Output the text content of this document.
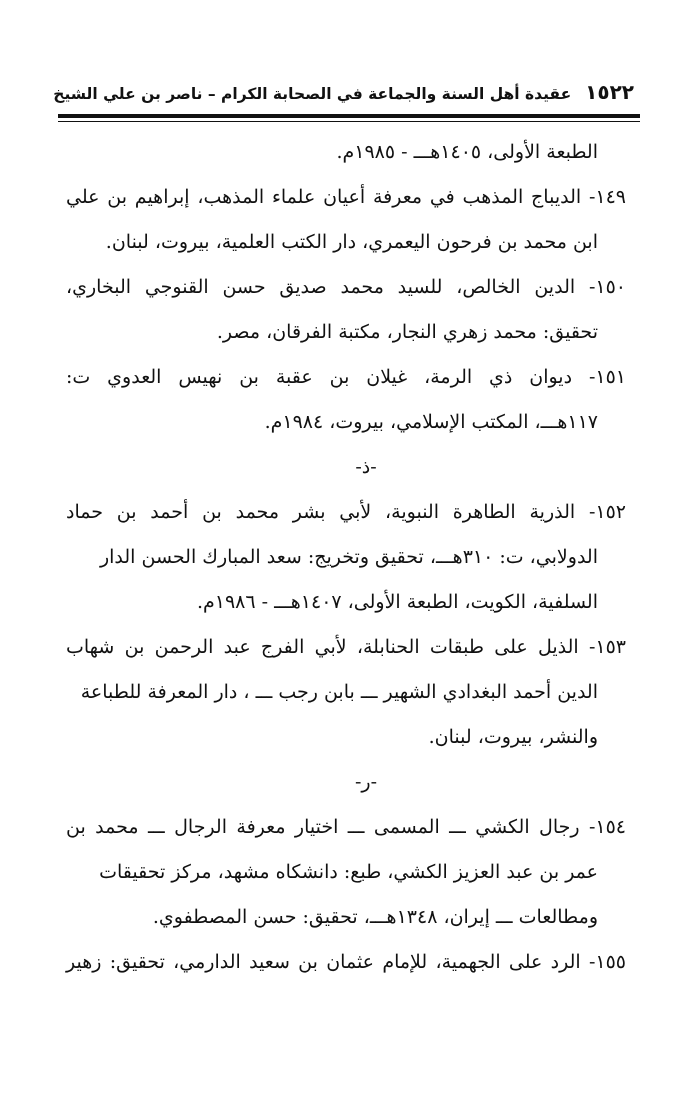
١٥٢٢
عقيدة أهل السنة والجماعة في الصحابة الكرام – ناصر بن علي الشيخ

الطبعة الأولى، ١٤٠٥هـــ - ١٩٨٥م.

١٤٩- الديباج المذهب في معرفة أعيان علماء المذهب، إبراهيم بن علي
ابن محمد بن فرحون اليعمري، دار الكتب العلمية، بيروت، لبنان.

١٥٠- الدين الخالص، للسيد محمد صديق حسن القنوجي البخاري،
تحقيق: محمد زهري النجار، مكتبة الفرقان، مصر.

١٥١- ديوان ذي الرمة، غيلان بن عقبة بن نهيس العدوي ت:
١١٧هـــ، المكتب الإسلامي، بيروت، ١٩٨٤م.

-ذ-

١٥٢- الذرية الطاهرة النبوية، لأبي بشر محمد بن أحمد بن حماد
الدولابي، ت: ٣١٠هـــ، تحقيق وتخريج: سعد المبارك الحسن الدار
السلفية، الكويت، الطبعة الأولى، ١٤٠٧هـــ - ١٩٨٦م.

١٥٣- الذيل على طبقات الحنابلة، لأبي الفرج عبد الرحمن بن شهاب
الدين أحمد البغدادي الشهير ـــ بابن رجب ـــ ، دار المعرفة للطباعة
والنشر، بيروت، لبنان.

-ر-

١٥٤- رجال الكشي ـــ المسمى ـــ اختيار معرفة الرجال ـــ محمد بن
عمر بن عبد العزيز الكشي، طبع: دانشكاه مشهد، مركز تحقيقات
ومطالعات ـــ إيران، ١٣٤٨هـــ، تحقيق: حسن المصطفوي.

١٥٥- الرد على الجهمية، للإمام عثمان بن سعيد الدارمي، تحقيق: زهير
